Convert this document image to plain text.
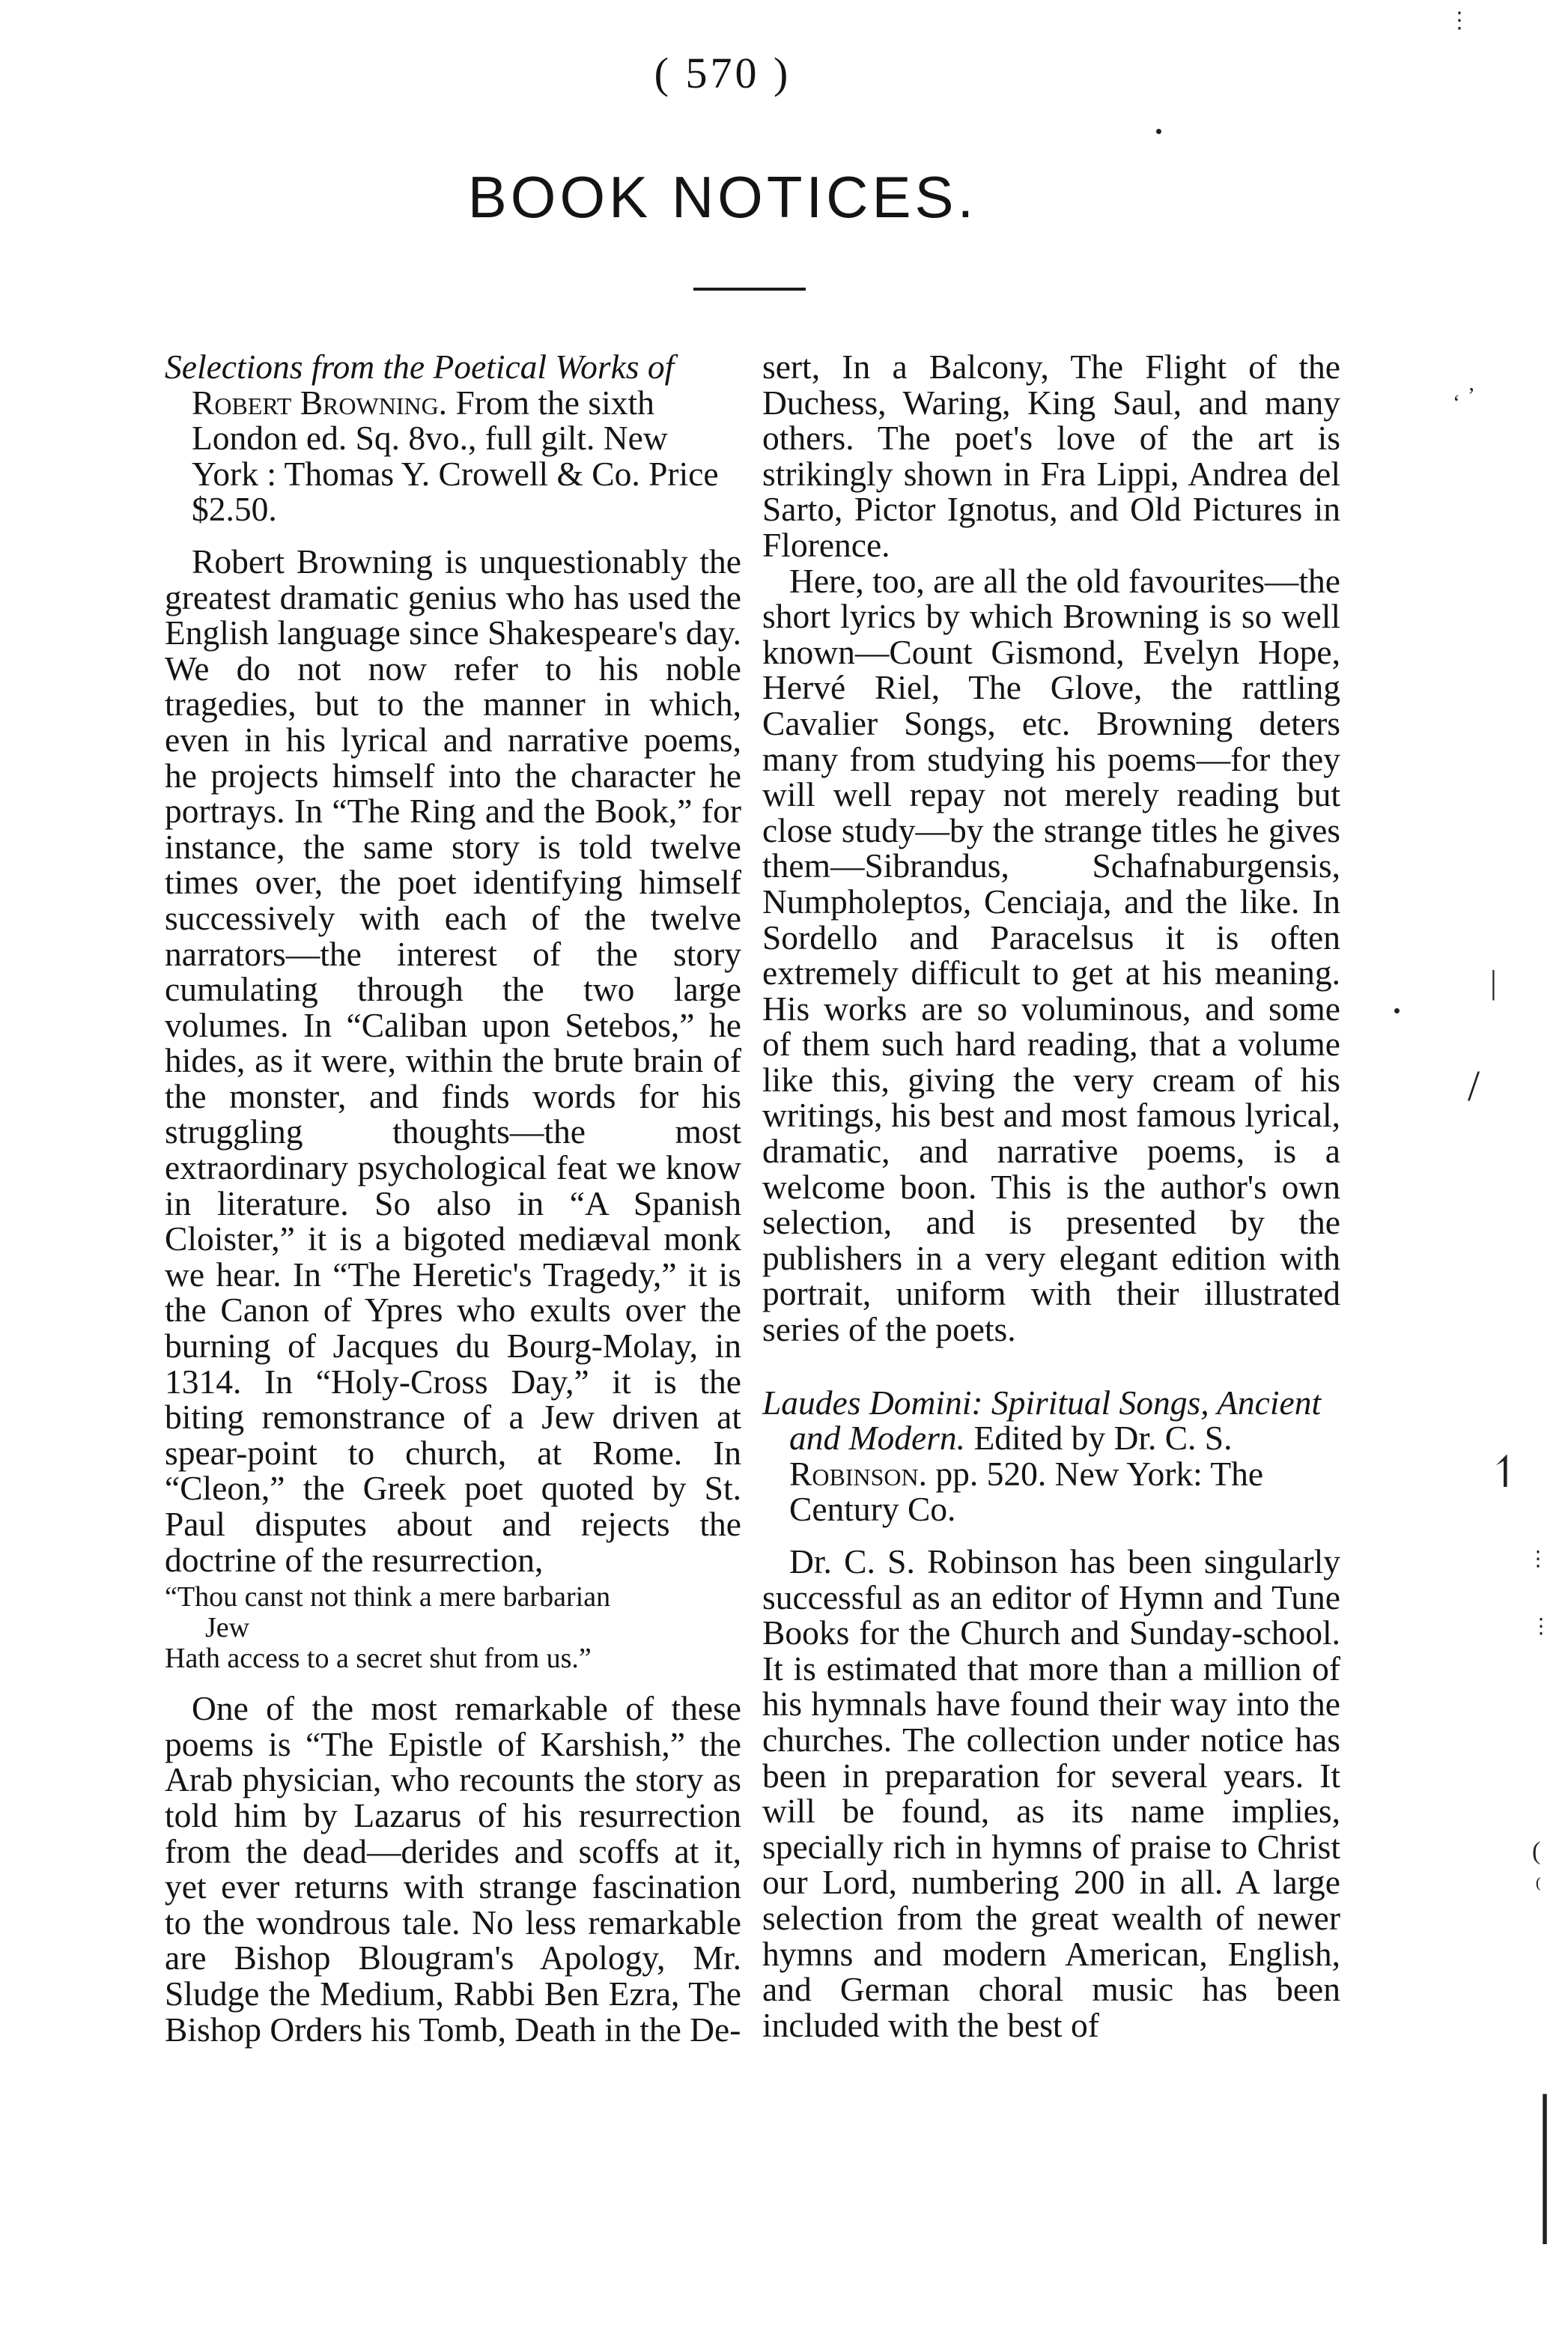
( 570 )
BOOK NOTICES.

Selections from the Poetical Works of Robert Browning. From the sixth London ed. Sq. 8vo., full gilt. New York : Thomas Y. Crowell & Co. Price $2.50.

Robert Browning is unquestionably the greatest dramatic genius who has used the English language since Shakespeare's day. We do not now refer to his noble tragedies, but to the manner in which, even in his lyrical and narrative poems, he projects himself into the character he portrays. In “The Ring and the Book,” for instance, the same story is told twelve times over, the poet identifying himself successively with each of the twelve narrators—the interest of the story cumulating through the two large volumes. In “Caliban upon Setebos,” he hides, as it were, within the brute brain of the monster, and finds words for his struggling thoughts—the most extraordinary psychological feat we know in literature. So also in “A Spanish Cloister,” it is a bigoted mediæval monk we hear. In “The Heretic's Tragedy,” it is the Canon of Ypres who exults over the burning of Jacques du Bourg-Molay, in 1314. In “Holy-Cross Day,” it is the biting remonstrance of a Jew driven at spear-point to church, at Rome. In “Cleon,” the Greek poet quoted by St. Paul disputes about and rejects the doctrine of the resurrection,

“Thou canst not think a mere barbarian
Jew
Hath access to a secret shut from us.”

One of the most remarkable of these poems is “The Epistle of Karshish,” the Arab physician, who recounts the story as told him by Lazarus of his resurrection from the dead—derides and scoffs at it, yet ever returns with strange fascination to the wondrous tale. No less remarkable are Bishop Blougram's Apology, Mr. Sludge the Medium, Rabbi Ben Ezra, The Bishop Orders his Tomb, Death in the De-

sert, In a Balcony, The Flight of the Duchess, Waring, King Saul, and many others. The poet's love of the art is strikingly shown in Fra Lippi, Andrea del Sarto, Pictor Ignotus, and Old Pictures in Florence.

Here, too, are all the old favourites—the short lyrics by which Browning is so well known—Count Gismond, Evelyn Hope, Hervé Riel, The Glove, the rattling Cavalier Songs, etc. Browning deters many from studying his poems—for they will well repay not merely reading but close study—by the strange titles he gives them—Sibrandus, Schafnaburgensis, Numpholeptos, Cenciaja, and the like. In Sordello and Paracelsus it is often extremely difficult to get at his meaning. His works are so voluminous, and some of them such hard reading, that a volume like this, giving the very cream of his writings, his best and most famous lyrical, dramatic, and narrative poems, is a welcome boon. This is the author's own selection, and is presented by the publishers in a very elegant edition with portrait, uniform with their illustrated series of the poets.

Laudes Domini: Spiritual Songs, Ancient and Modern. Edited by Dr. C. S. Robinson. pp. 520. New York: The Century Co.

Dr. C. S. Robinson has been singularly successful as an editor of Hymn and Tune Books for the Church and Sunday-school. It is estimated that more than a million of his hymnals have found their way into the churches. The collection under notice has been in preparation for several years. It will be found, as its name implies, specially rich in hymns of praise to Christ our Lord, numbering 200 in all. A large selection from the great wealth of newer hymns and modern American, English, and German choral music has been included with the best of

⋮
‚
ʻ
|
/
↿
⋮
⋮
(
⁽
|
|
